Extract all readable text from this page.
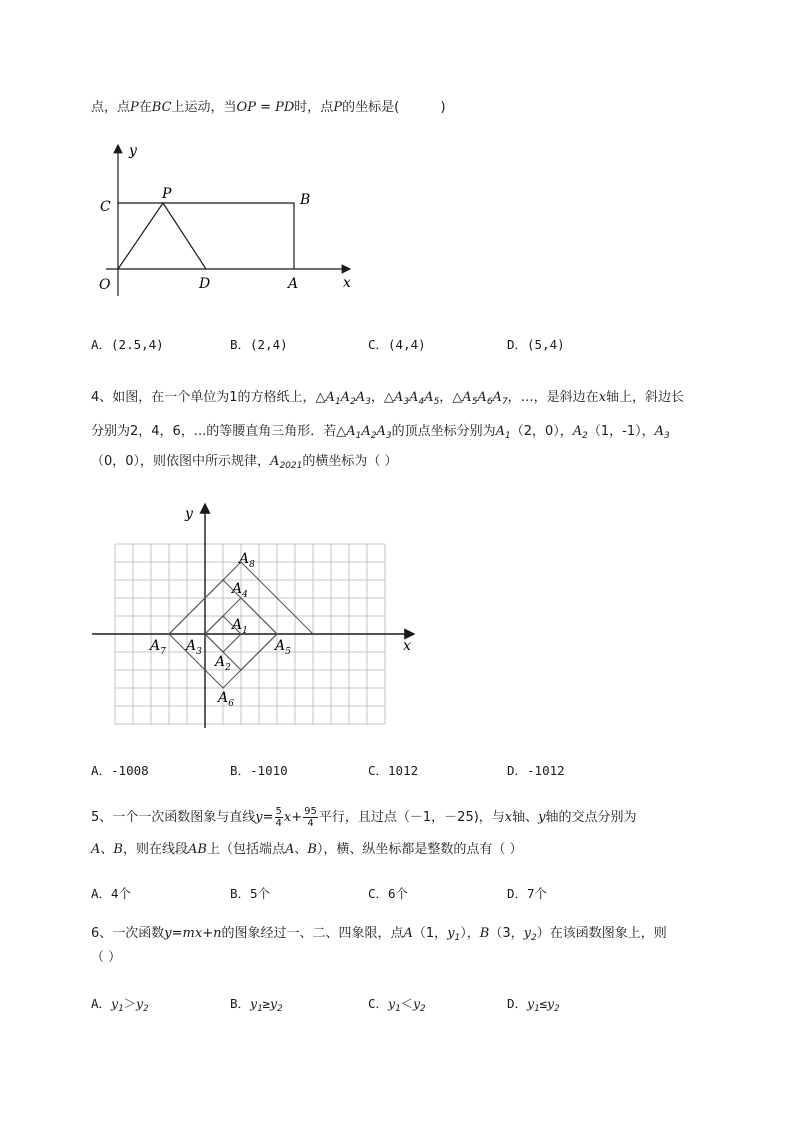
点，点P在BC上运动，当OP = PD时，点P的坐标是(	)
y
x
O
C
P	B
D	A
A．(2.5,4)	B．(2,4)	C．(4,4)	D．(5,4)
4、如图，在一个单位为1的方格纸上，$\triangle A_1A_2A_3$，$\triangle A_3A_4A_5$，$\triangle A_5A_6A_7$，…，是斜边在x轴上，斜边长
分别为2，4，6，...的等腰直角三角形．若$\triangle A_1A_2A_3$的顶点坐标分别为$A_1(2$，0），$A_2(1$，-1），$A_3$
（0，0），则依图中所示规律，$A_{2021}$的横坐标为（ ）
y
x
$A_8$
$A_4$
$A_1$
$A_7$ $A_3$
$A_2$
$A_5$
$A_6$
A．-1008	B．-1010	C．1012	D．-1012
5、一个一次函数图象与直线$y= \frac{5}{4} x+ \frac{95}{4}$ 平行，且过点（－1，－25)，与x轴、y轴的交点分别为
A、B，则在线段AB上（包括端点A、B），横、纵坐标都是整数的点有（ ）
A．4个	B．5个	C．6个	D．7个
6、一次函数y=mx+n的图象经过一、二、四象限，点A（1，$y_1$），B（3，$y_2$）在该函数图象上，则
（ ）
A．$y_1>y_2$	B．$y_1\ge y_2$	C．$y_1<y_2$	D．$y_1\le y_2$
